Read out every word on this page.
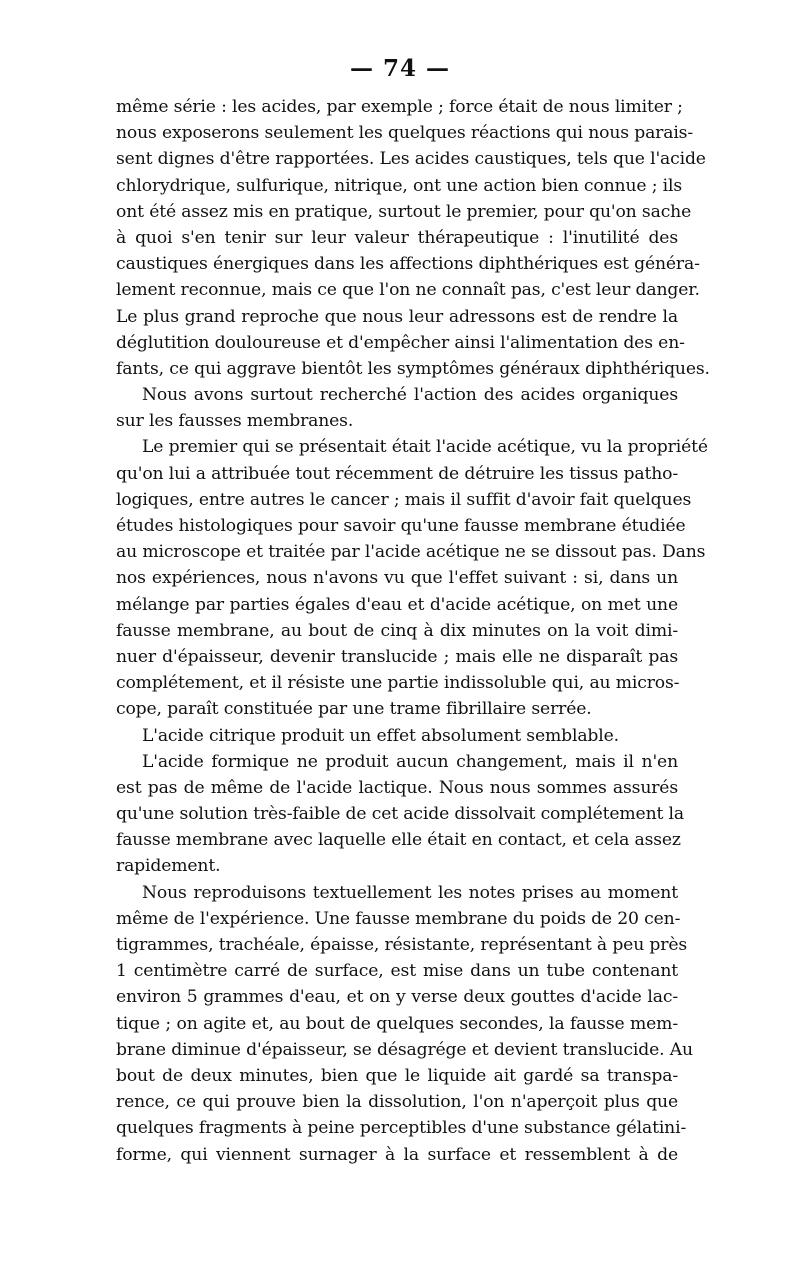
— 74 —

même série : les acides, par exemple ; force était de nous limiter ;
nous exposerons seulement les quelques réactions qui nous parais-
sent dignes d'être rapportées. Les acides caustiques, tels que l'acide
chlorydrique, sulfurique, nitrique, ont une action bien connue ; ils
ont été assez mis en pratique, surtout le premier, pour qu'on sache
à quoi s'en tenir sur leur valeur thérapeutique : l'inutilité des
caustiques énergiques dans les affections diphthériques est généra-
lement reconnue, mais ce que l'on ne connaît pas, c'est leur danger.
Le plus grand reproche que nous leur adressons est de rendre la
déglutition douloureuse et d'empêcher ainsi l'alimentation des en-
fants, ce qui aggrave bientôt les symptômes généraux diphthériques.
Nous avons surtout recherché l'action des acides organiques
sur les fausses membranes.
Le premier qui se présentait était l'acide acétique, vu la propriété
qu'on lui a attribuée tout récemment de détruire les tissus patho-
logiques, entre autres le cancer ; mais il suffit d'avoir fait quelques
études histologiques pour savoir qu'une fausse membrane étudiée
au microscope et traitée par l'acide acétique ne se dissout pas. Dans
nos expériences, nous n'avons vu que l'effet suivant : si, dans un
mélange par parties égales d'eau et d'acide acétique, on met une
fausse membrane, au bout de cinq à dix minutes on la voit dimi-
nuer d'épaisseur, devenir translucide ; mais elle ne disparaît pas
complétement, et il résiste une partie indissoluble qui, au micros-
cope, paraît constituée par une trame fibrillaire serrée.
L'acide citrique produit un effet absolument semblable.
L'acide formique ne produit aucun changement, mais il n'en
est pas de même de l'acide lactique. Nous nous sommes assurés
qu'une solution très-faible de cet acide dissolvait complétement la
fausse membrane avec laquelle elle était en contact, et cela assez
rapidement.
Nous reproduisons textuellement les notes prises au moment
même de l'expérience. Une fausse membrane du poids de 20 cen-
tigrammes, trachéale, épaisse, résistante, représentant à peu près
1 centimètre carré de surface, est mise dans un tube contenant
environ 5 grammes d'eau, et on y verse deux gouttes d'acide lac-
tique ; on agite et, au bout de quelques secondes, la fausse mem-
brane diminue d'épaisseur, se désagrége et devient translucide. Au
bout de deux minutes, bien que le liquide ait gardé sa transpa-
rence, ce qui prouve bien la dissolution, l'on n'aperçoit plus que
quelques fragments à peine perceptibles d'une substance gélatini-
forme, qui viennent surnager à la surface et ressemblent à de
